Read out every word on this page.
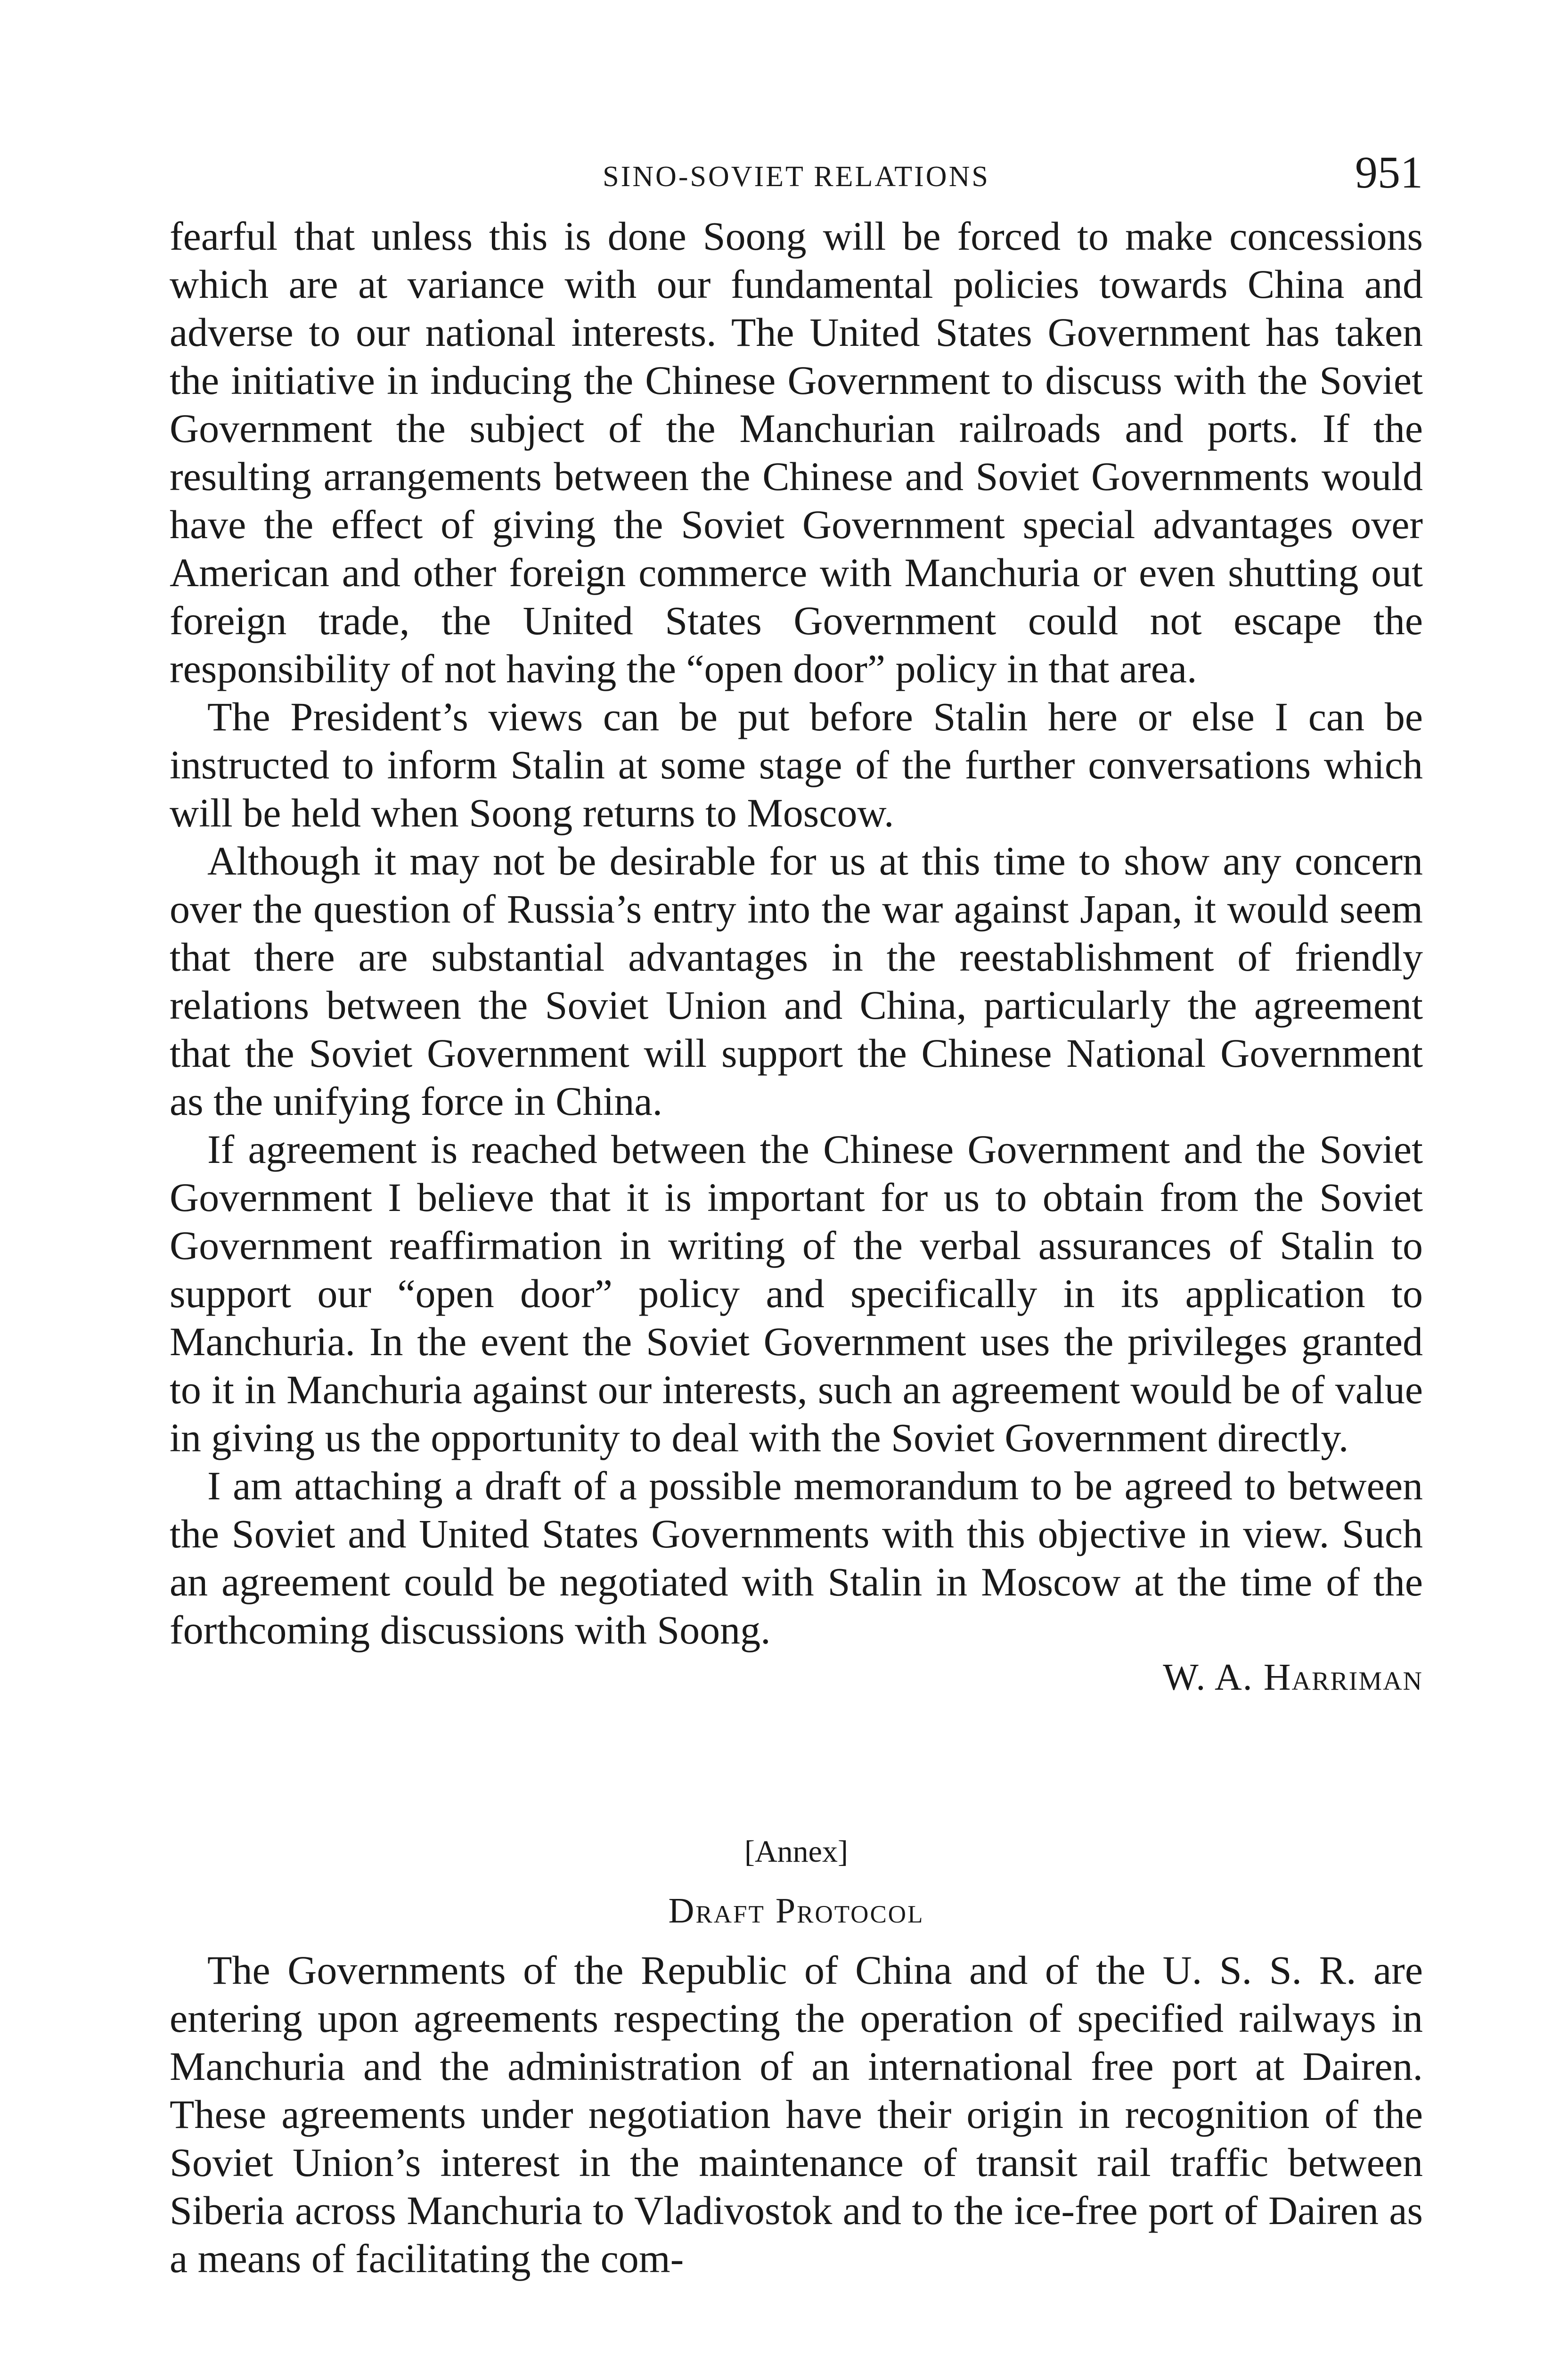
SINO-SOVIET RELATIONS	951

fearful that unless this is done Soong will be forced to make concessions which are at variance with our fundamental policies towards China and adverse to our national interests. The United States Government has taken the initiative in inducing the Chinese Government to discuss with the Soviet Government the subject of the Manchurian railroads and ports. If the resulting arrangements between the Chinese and Soviet Governments would have the effect of giving the Soviet Government special advantages over American and other foreign commerce with Manchuria or even shutting out foreign trade, the United States Government could not escape the responsibility of not having the “open door” policy in that area.

The President’s views can be put before Stalin here or else I can be instructed to inform Stalin at some stage of the further conversations which will be held when Soong returns to Moscow.

Although it may not be desirable for us at this time to show any concern over the question of Russia’s entry into the war against Japan, it would seem that there are substantial advantages in the reestablishment of friendly relations between the Soviet Union and China, particularly the agreement that the Soviet Government will support the Chinese National Government as the unifying force in China.

If agreement is reached between the Chinese Government and the Soviet Government I believe that it is important for us to obtain from the Soviet Government reaffirmation in writing of the verbal assurances of Stalin to support our “open door” policy and specifically in its application to Manchuria. In the event the Soviet Government uses the privileges granted to it in Manchuria against our interests, such an agreement would be of value in giving us the opportunity to deal with the Soviet Government directly.

I am attaching a draft of a possible memorandum to be agreed to between the Soviet and United States Governments with this objective in view. Such an agreement could be negotiated with Stalin in Moscow at the time of the forthcoming discussions with Soong.

W. A. Harriman

[Annex]
Draft Protocol

The Governments of the Republic of China and of the U. S. S. R. are entering upon agreements respecting the operation of specified railways in Manchuria and the administration of an international free port at Dairen. These agreements under negotiation have their origin in recognition of the Soviet Union’s interest in the maintenance of transit rail traffic between Siberia across Manchuria to Vladivostok and to the ice-free port of Dairen as a means of facilitating the com-
